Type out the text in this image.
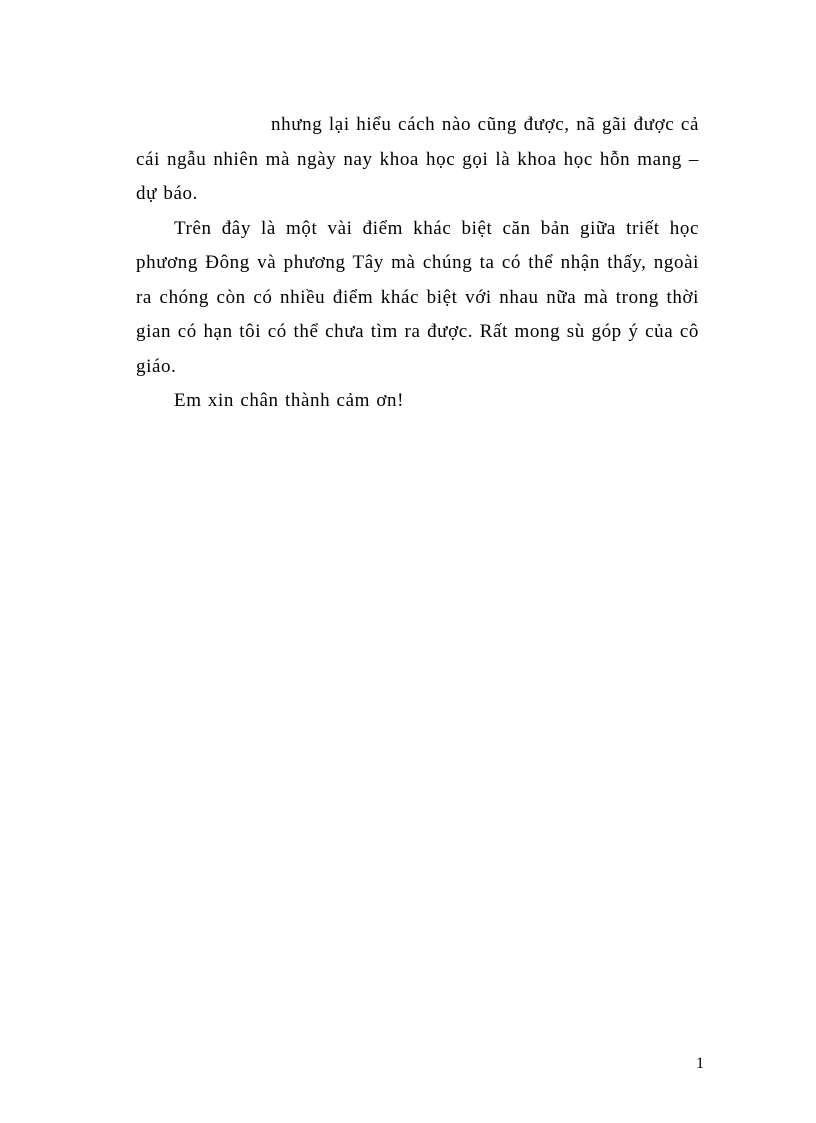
nhưng lại hiểu cách nào cũng được, nã gãi được cả cái ngẫu nhiên mà ngày nay khoa học gọi là khoa học hỗn mang – dự báo.

Trên đây là một vài điểm khác biệt căn bản giữa triết học phương Đông và phương Tây mà chúng ta có thể nhận thấy, ngoài ra chóng còn có nhiều điểm khác biệt với nhau nữa mà trong thời gian có hạn tôi có thể chưa tìm ra được. Rất mong sù góp ý của cô giáo.

Em xin chân thành cảm ơn!

1
